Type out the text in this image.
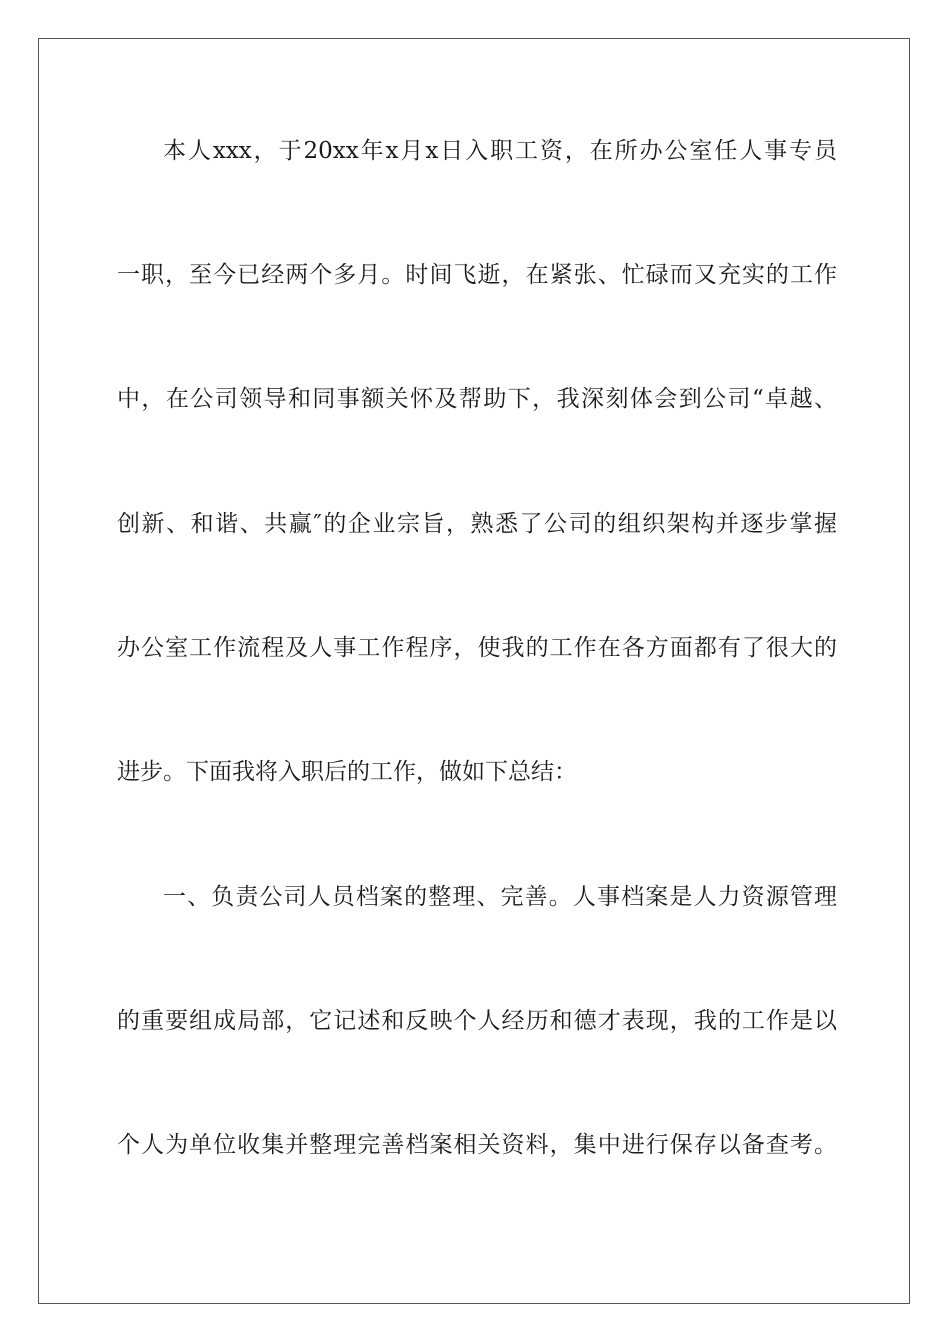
本人xxx，于20xx年x月x日入职工资，在所办公室任人事专员
一职，至今已经两个多月。时间飞逝，在紧张、忙碌而又充实的工作
中，在公司领导和同事额关怀及帮助下，我深刻体会到公司“卓越、
创新、和谐、共赢″的企业宗旨，熟悉了公司的组织架构并逐步掌握
办公室工作流程及人事工作程序，使我的工作在各方面都有了很大的
进步。下面我将入职后的工作，做如下总结：
一、负责公司人员档案的整理、完善。人事档案是人力资源管理
的重要组成局部，它记述和反映个人经历和德才表现，我的工作是以
个人为单位收集并整理完善档案相关资料，集中进行保存以备查考。
